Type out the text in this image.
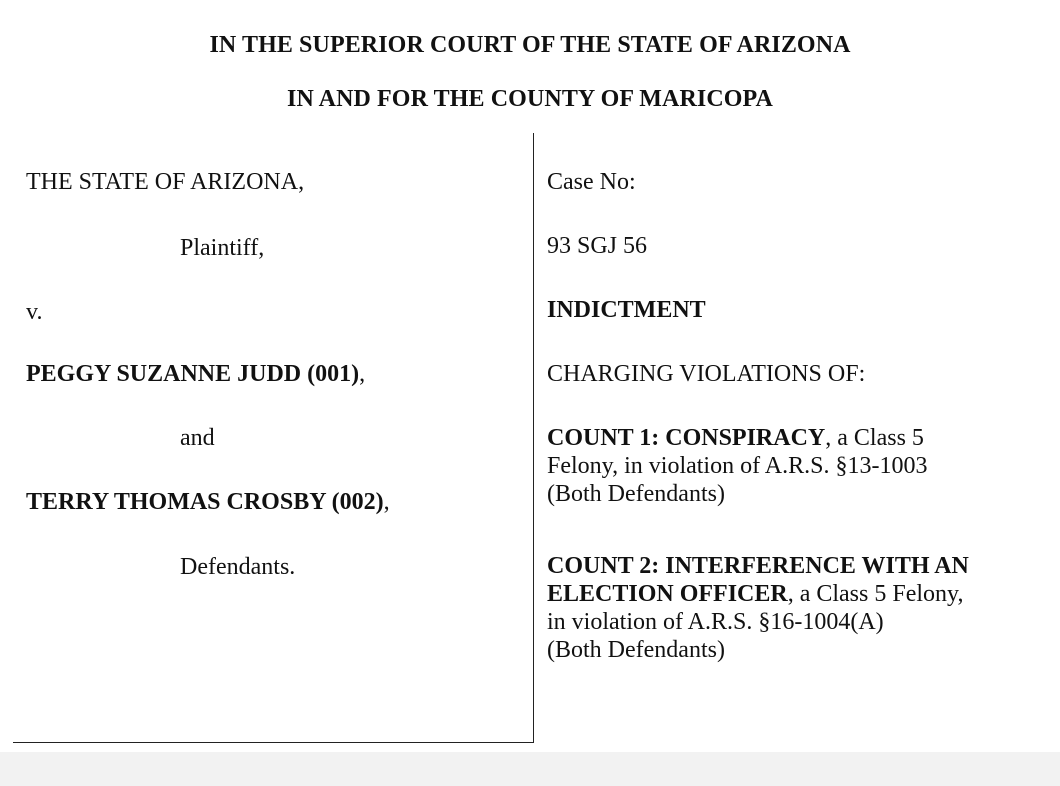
IN THE SUPERIOR COURT OF THE STATE OF ARIZONA
IN AND FOR THE COUNTY OF MARICOPA
THE STATE OF ARIZONA,
Plaintiff,
v.
PEGGY SUZANNE JUDD (001),
and
TERRY THOMAS CROSBY (002),
Defendants.
Case No:
93 SGJ 56
INDICTMENT
CHARGING VIOLATIONS OF:
COUNT 1: CONSPIRACY, a Class 5
Felony, in violation of A.R.S. §13-1003
(Both Defendants)
COUNT 2: INTERFERENCE WITH AN
ELECTION OFFICER, a Class 5 Felony,
in violation of A.R.S. §16-1004(A)
(Both Defendants)
